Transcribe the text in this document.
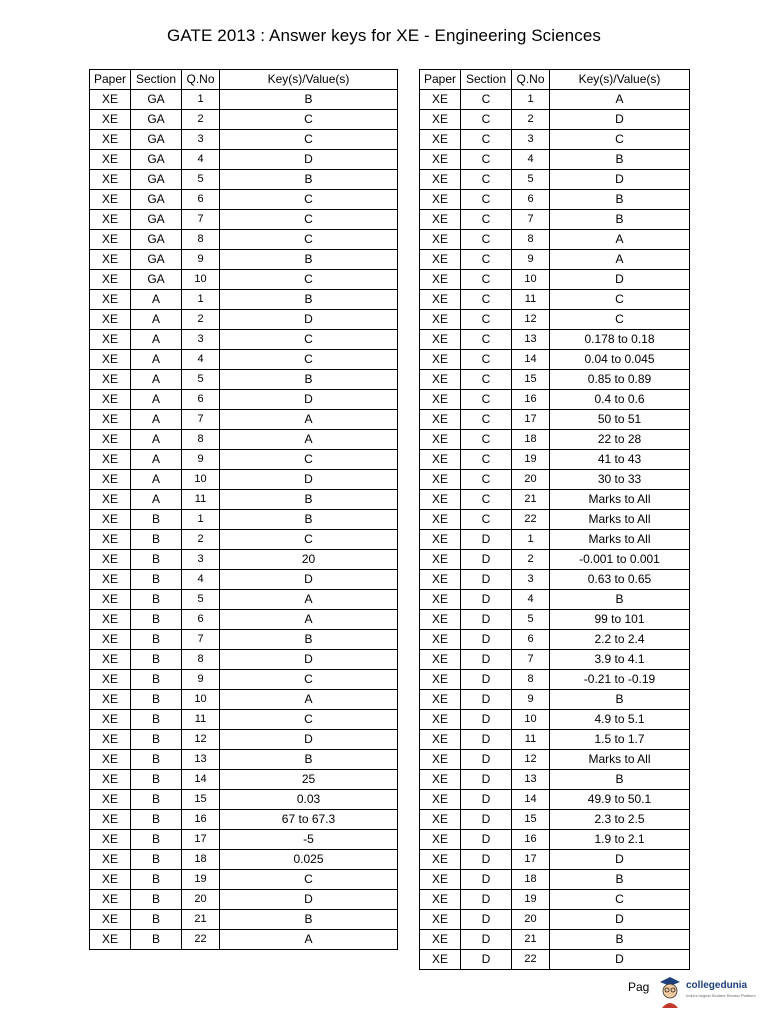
GATE 2013 : Answer keys for XE - Engineering Sciences
Paper	Section	Q.No	Key(s)/Value(s)
XE	GA	1	B
XE	GA	2	C
XE	GA	3	C
XE	GA	4	D
XE	GA	5	B
XE	GA	6	C
XE	GA	7	C
XE	GA	8	C
XE	GA	9	B
XE	GA	10	C
XE	A	1	B
XE	A	2	D
XE	A	3	C
XE	A	4	C
XE	A	5	B
XE	A	6	D
XE	A	7	A
XE	A	8	A
XE	A	9	C
XE	A	10	D
XE	A	11	B
XE	B	1	B
XE	B	2	C
XE	B	3	20
XE	B	4	D
XE	B	5	A
XE	B	6	A
XE	B	7	B
XE	B	8	D
XE	B	9	C
XE	B	10	A
XE	B	11	C
XE	B	12	D
XE	B	13	B
XE	B	14	25
XE	B	15	0.03
XE	B	16	67 to 67.3
XE	B	17	-5
XE	B	18	0.025
XE	B	19	C
XE	B	20	D
XE	B	21	B
XE	B	22	A
Paper	Section	Q.No	Key(s)/Value(s)
XE	C	1	A
XE	C	2	D
XE	C	3	C
XE	C	4	B
XE	C	5	D
XE	C	6	B
XE	C	7	B
XE	C	8	A
XE	C	9	A
XE	C	10	D
XE	C	11	C
XE	C	12	C
XE	C	13	0.178 to 0.18
XE	C	14	0.04 to 0.045
XE	C	15	0.85 to 0.89
XE	C	16	0.4 to 0.6
XE	C	17	50 to 51
XE	C	18	22 to 28
XE	C	19	41 to 43
XE	C	20	30 to 33
XE	C	21	Marks to All
XE	C	22	Marks to All
XE	D	1	Marks to All
XE	D	2	-0.001 to 0.001
XE	D	3	0.63 to 0.65
XE	D	4	B
XE	D	5	99 to 101
XE	D	6	2.2 to 2.4
XE	D	7	3.9 to 4.1
XE	D	8	-0.21 to -0.19
XE	D	9	B
XE	D	10	4.9 to 5.1
XE	D	11	1.5 to 1.7
XE	D	12	Marks to All
XE	D	13	B
XE	D	14	49.9 to 50.1
XE	D	15	2.3 to 2.5
XE	D	16	1.9 to 2.1
XE	D	17	D
XE	D	18	B
XE	D	19	C
XE	D	20	D
XE	D	21	B
XE	D	22	D
Pag	collegedunia
India's largest Student Review Platform
